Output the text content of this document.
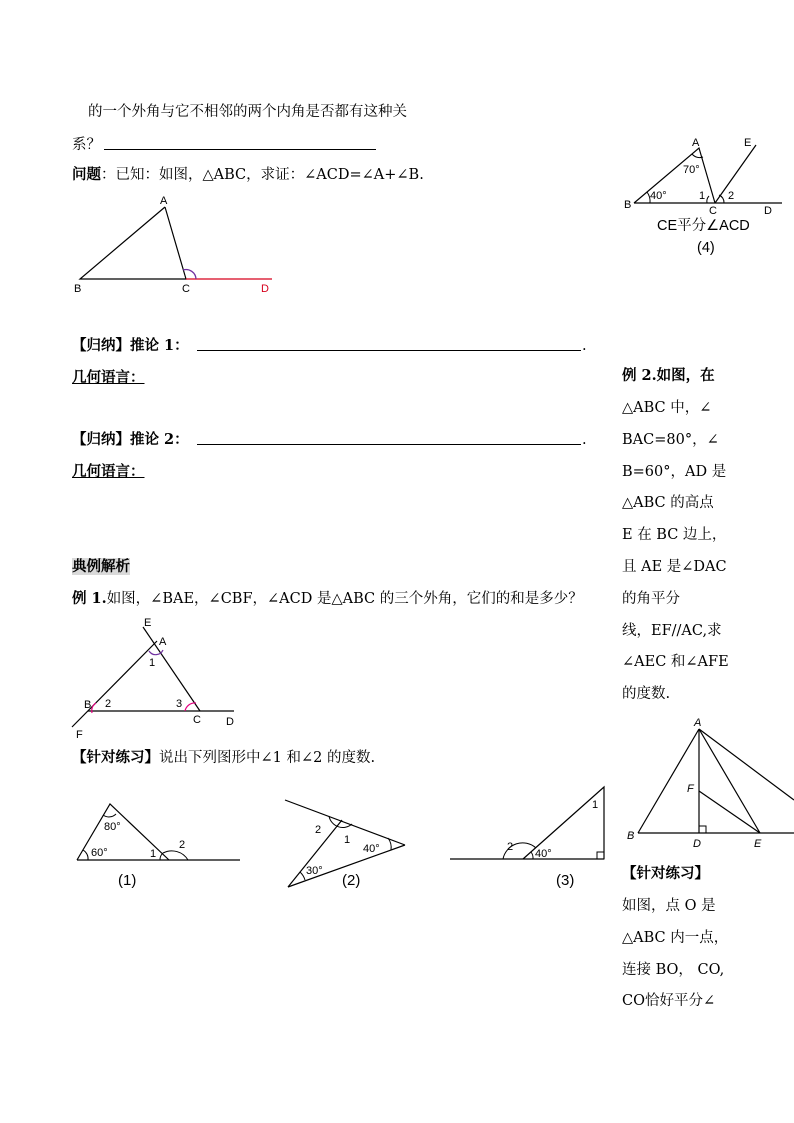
的一个外角与它不相邻的两个内角是否都有这种关
系？
问题：已知：如图，△ABC，求证：∠ACD=∠A+∠B.
A
B	C	D
【归纳】推论 1：	.
几何语言：
【归纳】推论 2：	.
几何语言：
典例解析
例 1.如图，∠BAE，∠CBF，∠ACD 是△ABC 的三个外角，它们的和是多少？
E
A
1
B 2	3
C D
F
【针对练习】说出下列图形中∠1 和∠2 的度数.
80°
60°	1
2
(1)
2
1
40°
30°
(2)
1
2
40°
(3)
A	E
70°
40°	1 2
B	C	D
CE平分∠ACD
(4)
例 2.如图，在
△ABC 中，∠
BAC=80°，∠
B=60°，AD 是
△ABC 的高点
E 在 BC 边上，
且 AE 是∠DAC
的角平分
线，EF//AC,求
∠AEC 和∠AFE
的度数.
A
F
B
D	E
【针对练习】
如图，点 O 是
△ABC 内一点，
连接 BO， CO,
CO恰好平分∠
